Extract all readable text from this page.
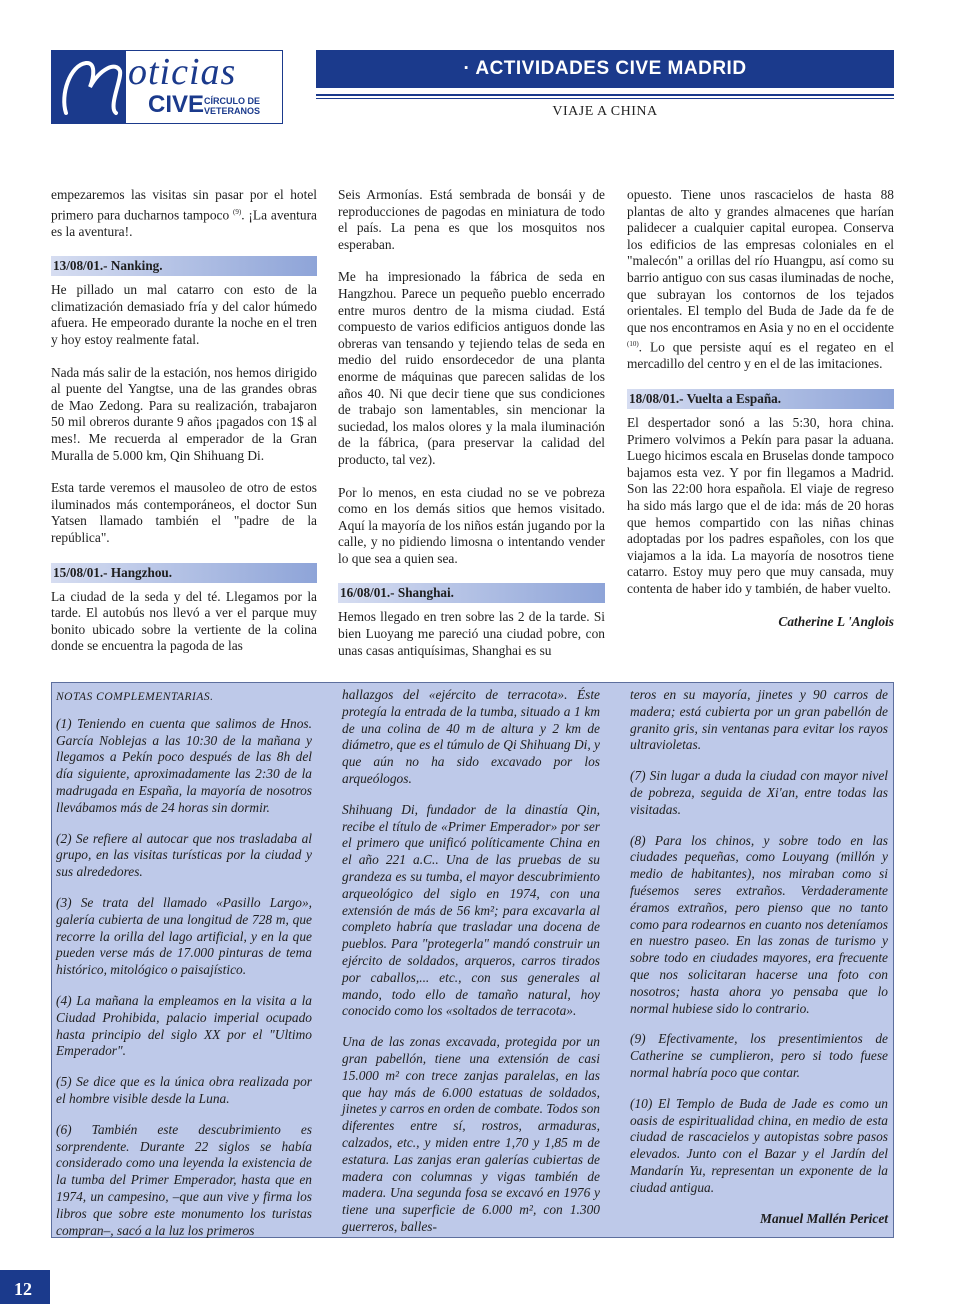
oticias
CIVE CÍRCULO DE
VETERANOS
· ACTIVIDADES CIVE MADRID
VIAJE A CHINA

empezaremos las visitas sin pasar por el hotel primero para ducharnos tampoco $^{(9)}$. ¡La aventura es la aventura!.

13/08/01.- Nanking.

He pillado un mal catarro con esto de la climatización demasiado fría y del calor húmedo afuera. He empeorado durante la noche en el tren y hoy estoy realmente fatal.

Nada más salir de la estación, nos hemos dirigido al puente del Yangtse, una de las grandes obras de Mao Zedong. Para su realización, trabajaron 50 mil obreros durante 9 años ¡pagados con 1$ al mes!. Me recuerda al emperador de la Gran Muralla de 5.000 km, Qin Shihuang Di.

Esta tarde veremos el mausoleo de otro de estos iluminados más contemporáneos, el doctor Sun Yatsen llamado también el "padre de la república".

15/08/01.- Hangzhou.

La ciudad de la seda y del té. Llegamos por la tarde. El autobús nos llevó a ver el parque muy bonito ubicado sobre la vertiente de la colina donde se encuentra la pagoda de las

Seis Armonías. Está sembrada de bonsái y de reproducciones de pagodas en miniatura de todo el país. La pena es que los mosquitos nos esperaban.

Me ha impresionado la fábrica de seda en Hangzhou. Parece un pequeño pueblo encerrado entre muros dentro de la misma ciudad. Está compuesto de varios edificios antiguos donde las obreras van tensando y tejiendo telas de seda en medio del ruido ensordecedor de una planta enorme de máquinas que parecen salidas de los años 40. Ni que decir tiene que sus condiciones de trabajo son lamentables, sin mencionar la suciedad, los malos olores y la mala iluminación de la fábrica, (para preservar la calidad del producto, tal vez).

Por lo menos, en esta ciudad no se ve pobreza como en los demás sitios que hemos visitado. Aquí la mayoría de los niños están jugando por la calle, y no pidiendo limosna o intentando vender lo que sea a quien sea.

16/08/01.- Shanghai.

Hemos llegado en tren sobre las 2 de la tarde. Si bien Luoyang me pareció una ciudad pobre, con unas casas antiquísimas, Shanghai es su

opuesto. Tiene unos rascacielos de hasta 88 plantas de alto y grandes almacenes que harían palidecer a cualquier capital europea. Conserva los edificios de las empresas coloniales en el "malecón" a orillas del río Huangpu, así como su barrio antiguo con sus casas iluminadas de noche, que subrayan los contornos de los tejados orientales. El templo del Buda de Jade da fe de que nos encontramos en Asia y no en el occidente $^{(10)}$. Lo que persiste aquí es el regateo en el mercadillo del centro y en el de las imitaciones.

18/08/01.- Vuelta a España.

El despertador sonó a las 5:30, hora china. Primero volvimos a Pekín para pasar la aduana. Luego hicimos escala en Bruselas donde tampoco bajamos esta vez. Y por fin llegamos a Madrid. Son las 22:00 hora española. El viaje de regreso ha sido más largo que el de ida: más de 20 horas que hemos compartido con las niñas chinas adoptadas por los padres españoles, con los que viajamos a la ida. La mayoría de nosotros tiene catarro. Estoy muy pero que muy cansada, muy contenta de haber ido y también, de haber vuelto.

Catherine L 'Anglois

NOTAS COMPLEMENTARIAS.

(1) Teniendo en cuenta que salimos de Hnos. García Noblejas a las 10:30 de la mañana y llegamos a Pekín poco después de las 8h del día siguiente, aproximadamente las 2:30 de la madrugada en España, la mayoría de nosotros llevábamos más de 24 horas sin dormir.

(2) Se refiere al autocar que nos trasladaba al grupo, en las visitas turísticas por la ciudad y sus alrededores.

(3) Se trata del llamado «Pasillo Largo», galería cubierta de una longitud de 728 m, que recorre la orilla del lago artificial, y en la que pueden verse más de 17.000 pinturas de tema histórico, mitológico o paisajístico.

(4) La mañana la empleamos en la visita a la Ciudad Prohibida, palacio imperial ocupado hasta principio del siglo XX por el "Ultimo Emperador".

(5) Se dice que es la única obra realizada por el hombre visible desde la Luna.

(6) También este descubrimiento es sorprendente. Durante 22 siglos se había considerado como una leyenda la existencia de la tumba del Primer Emperador, hasta que en 1974, un campesino, –que aun vive y firma los libros que sobre este monumento los turistas compran–, sacó a la luz los primeros

hallazgos del «ejército de terracota». Éste protegía la entrada de la tumba, situado a 1 km de una colina de 40 m de altura y 2 km de diámetro, que es el túmulo de Qi Shihuang Di, y que aún no ha sido excavado por los arqueólogos.

Shihuang Di, fundador de la dinastía Qin, recibe el título de «Primer Emperador» por ser el primero que unificó políticamente China en el año 221 a.C.. Una de las pruebas de su grandeza es su tumba, el mayor descubrimiento arqueológico del siglo en 1974, con una extensión de más de 56 km²; para excavarla al completo habría que trasladar una docena de pueblos. Para "protegerla" mandó construir un ejército de soldados, arqueros, carros tirados por caballos,... etc., con sus generales al mando, todo ello de tamaño natural, hoy conocido como los «soltados de terracota».

Una de las zonas excavada, protegida por un gran pabellón, tiene una extensión de casi 15.000 m² con trece zanjas paralelas, en las que hay más de 6.000 estatuas de soldados, jinetes y carros en orden de combate. Todos son diferentes entre sí, rostros, armaduras, calzados, etc., y miden entre 1,70 y 1,85 m de estatura. Las zanjas eran galerías cubiertas de madera con columnas y vigas también de madera. Una segunda fosa se excavó en 1976 y tiene una superficie de 6.000 m², con 1.300 guerreros, balles-

teros en su mayoría, jinetes y 90 carros de madera; está cubierta por un gran pabellón de granito gris, sin ventanas para evitar los rayos ultravioletas.

(7) Sin lugar a duda la ciudad con mayor nivel de pobreza, seguida de Xi'an, entre todas las visitadas.

(8) Para los chinos, y sobre todo en las ciudades pequeñas, como Louyang (millón y medio de habitantes), nos miraban como si fuésemos seres extraños. Verdaderamente éramos extraños, pero pienso que no tanto como para rodearnos en cuanto nos deteníamos en nuestro paseo. En las zonas de turismo y sobre todo en ciudades mayores, era frecuente que nos solicitaran hacerse una foto con nosotros; hasta ahora yo pensaba que lo normal hubiese sido lo contrario.

(9) Efectivamente, los presentimientos de Catherine se cumplieron, pero si todo fuese normal habría poco que contar.

(10) El Templo de Buda de Jade es como un oasis de espiritualidad china, en medio de esta ciudad de rascacielos y autopistas sobre pasos elevados. Junto con el Bazar y el Jardín del Mandarín Yu, representan un exponente de la ciudad antigua.

Manuel Mallén Pericet

12
